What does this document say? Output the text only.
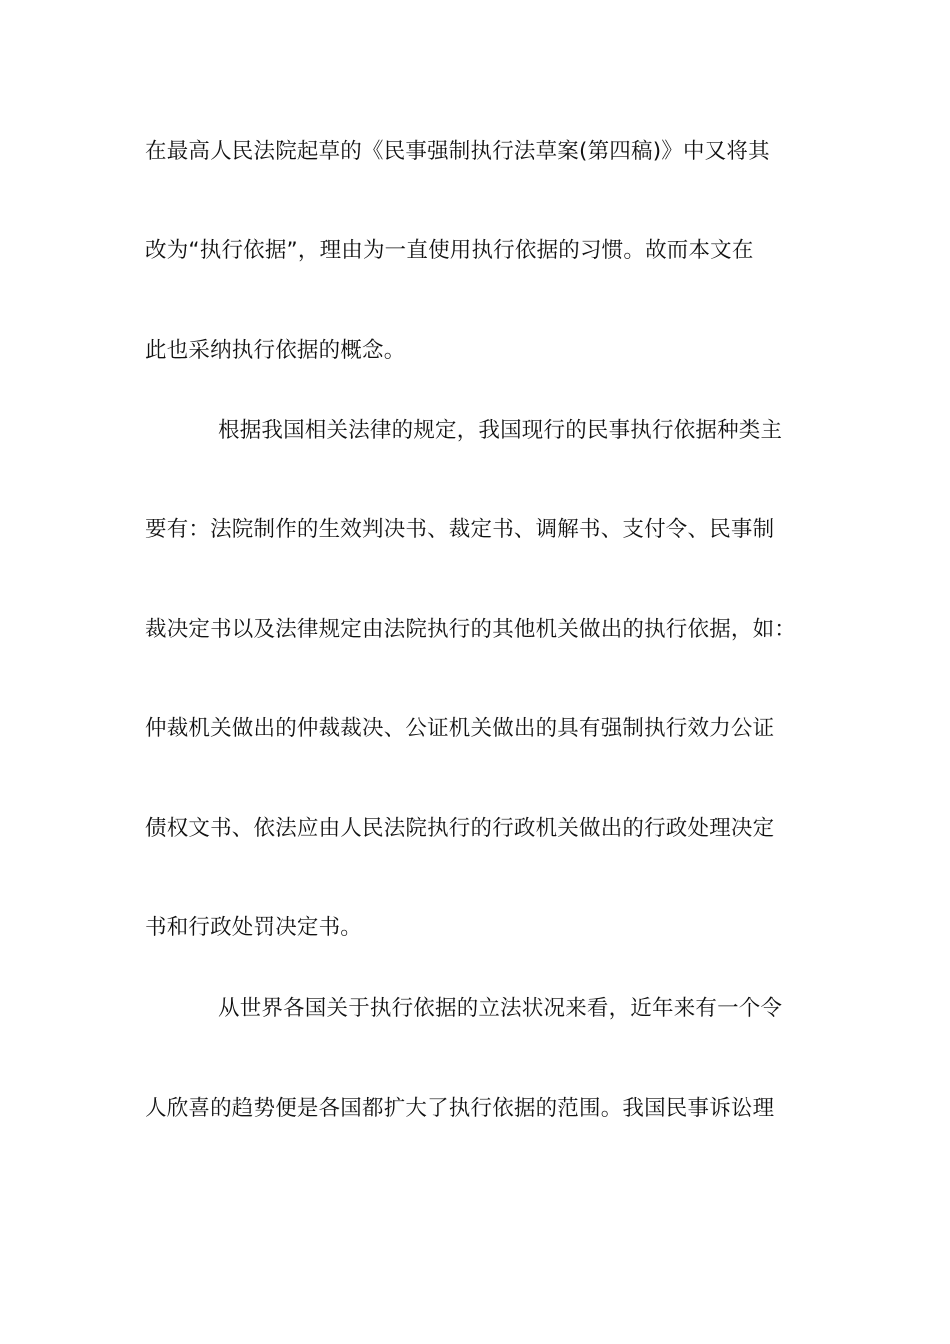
在最高人民法院起草的《民事强制执行法草案(第四稿)》中又将其
改为“执行依据”，理由为一直使用执行依据的习惯。故而本文在
此也采纳执行依据的概念。
根据我国相关法律的规定，我国现行的民事执行依据种类主
要有：法院制作的生效判决书、裁定书、调解书、支付令、民事制
裁决定书以及法律规定由法院执行的其他机关做出的执行依据，如：
仲裁机关做出的仲裁裁决、公证机关做出的具有强制执行效力公证
债权文书、依法应由人民法院执行的行政机关做出的行政处理决定
书和行政处罚决定书。
从世界各国关于执行依据的立法状况来看，近年来有一个令
人欣喜的趋势便是各国都扩大了执行依据的范围。我国民事诉讼理
